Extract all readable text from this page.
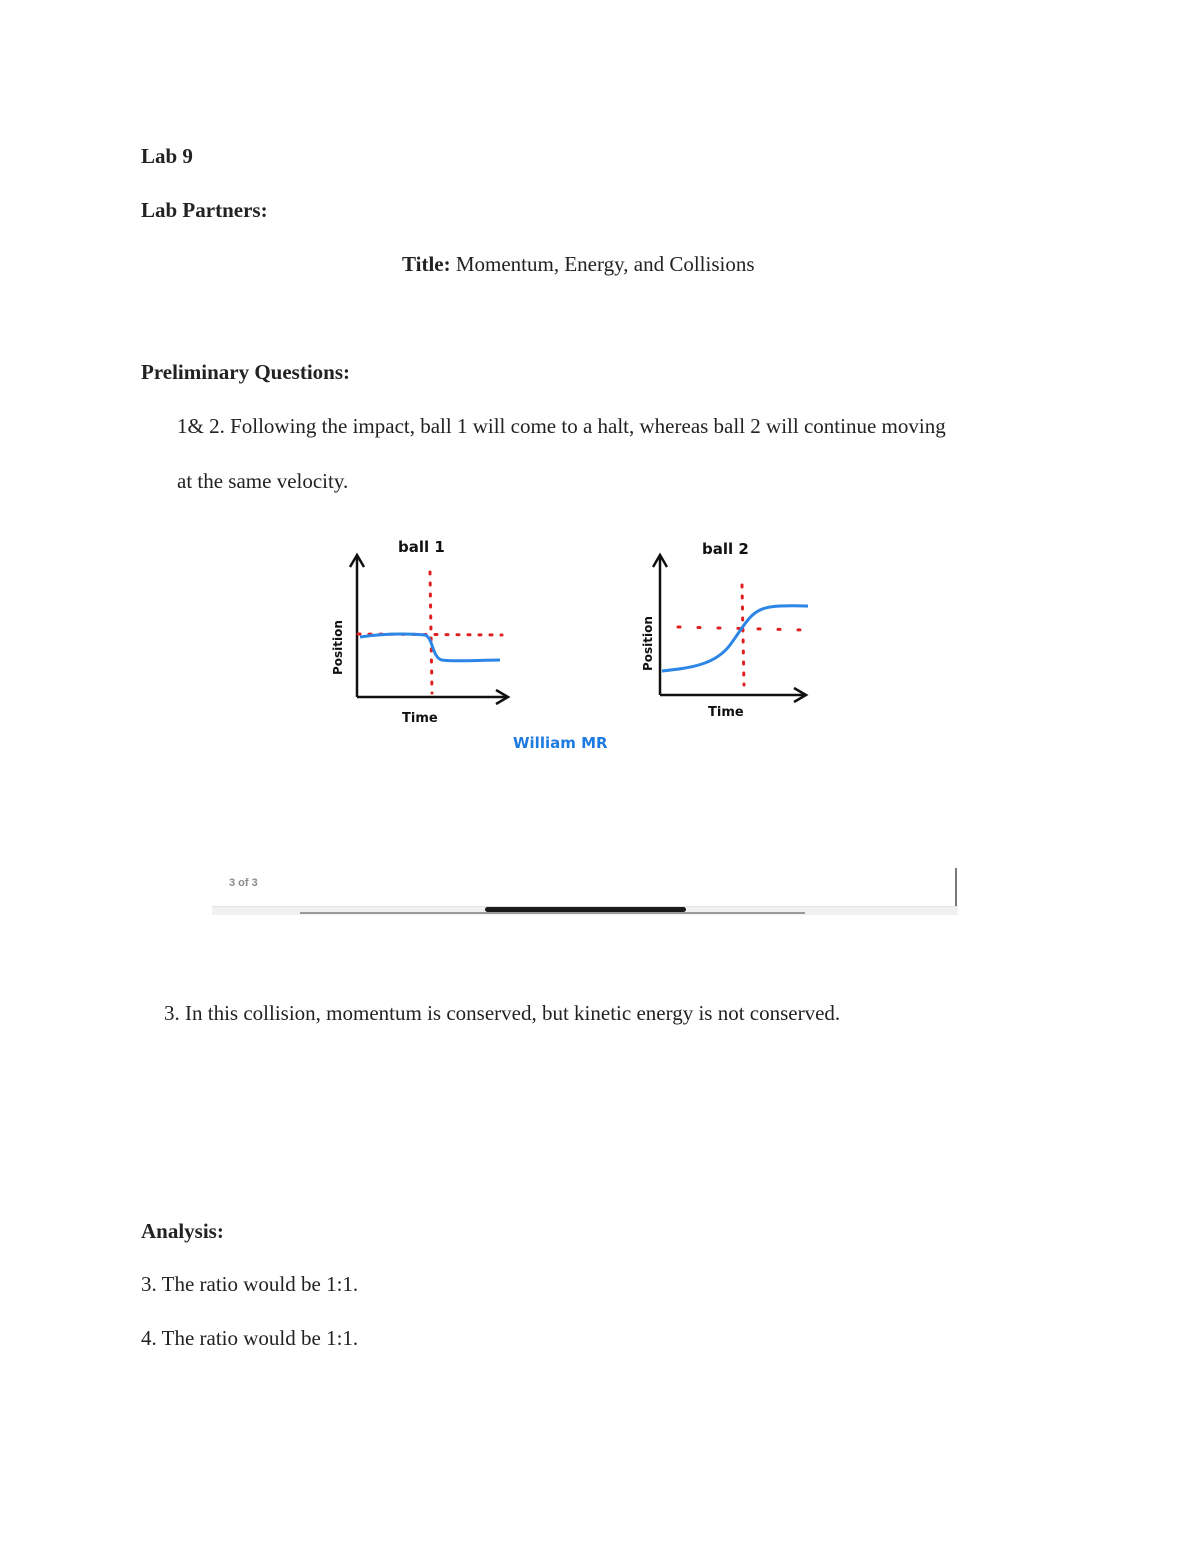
Lab 9
Lab Partners:
Title: Momentum, Energy, and Collisions
Preliminary Questions:
1& 2. Following the impact, ball 1 will come to a halt, whereas ball 2 will continue moving
at the same velocity.
ball 1
Time
Position
ball 2
Time
Position
William MR
3 of 3
3. In this collision, momentum is conserved, but kinetic energy is not conserved.
Analysis:
3. The ratio would be 1:1.
4. The ratio would be 1:1.
